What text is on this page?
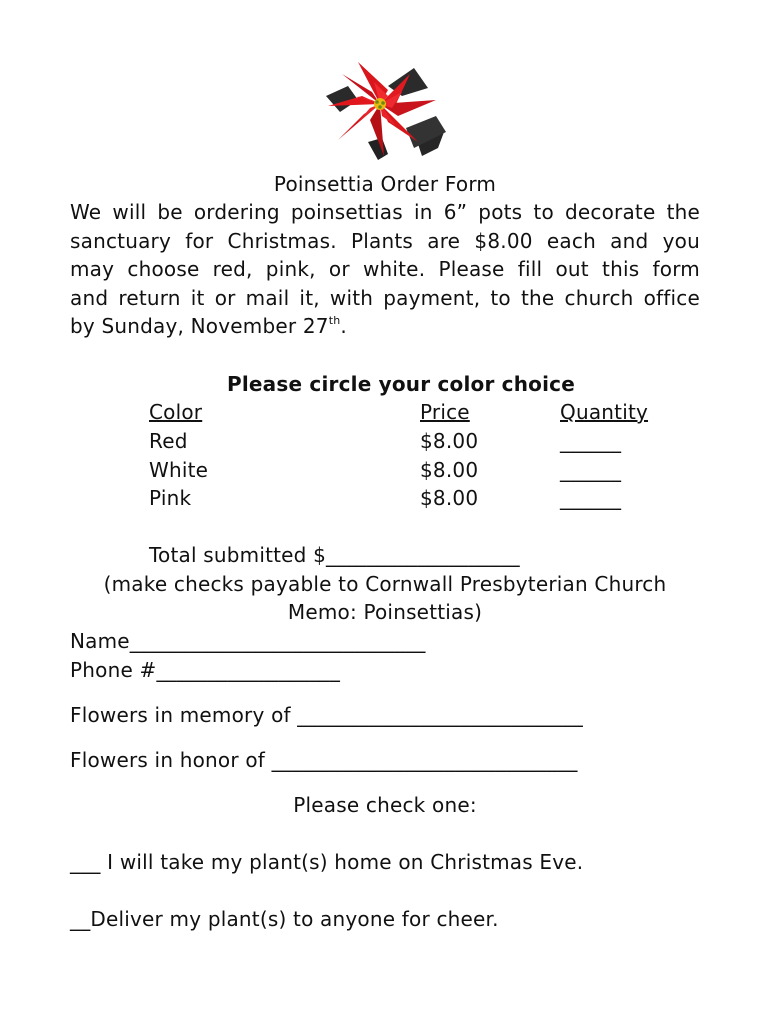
Poinsettia Order Form
We will be ordering poinsettias in 6” pots to decorate the
sanctuary for Christmas. Plants are $8.00 each and you
may choose red, pink, or white. Please fill out this form
and return it or mail it, with payment, to the church office
by Sunday, November 27th.
Please circle your color choice
Color	Price	Quantity
Red	$8.00	______
White	$8.00	______
Pink	$8.00	______
Total submitted $___________________
(make checks payable to Cornwall Presbyterian Church
Memo: Poinsettias)
Name_____________________________
Phone #__________________
Flowers in memory of ____________________________
Flowers in honor of ______________________________
Please check one:
___ I will take my plant(s) home on Christmas Eve.
__Deliver my plant(s) to anyone for cheer.
